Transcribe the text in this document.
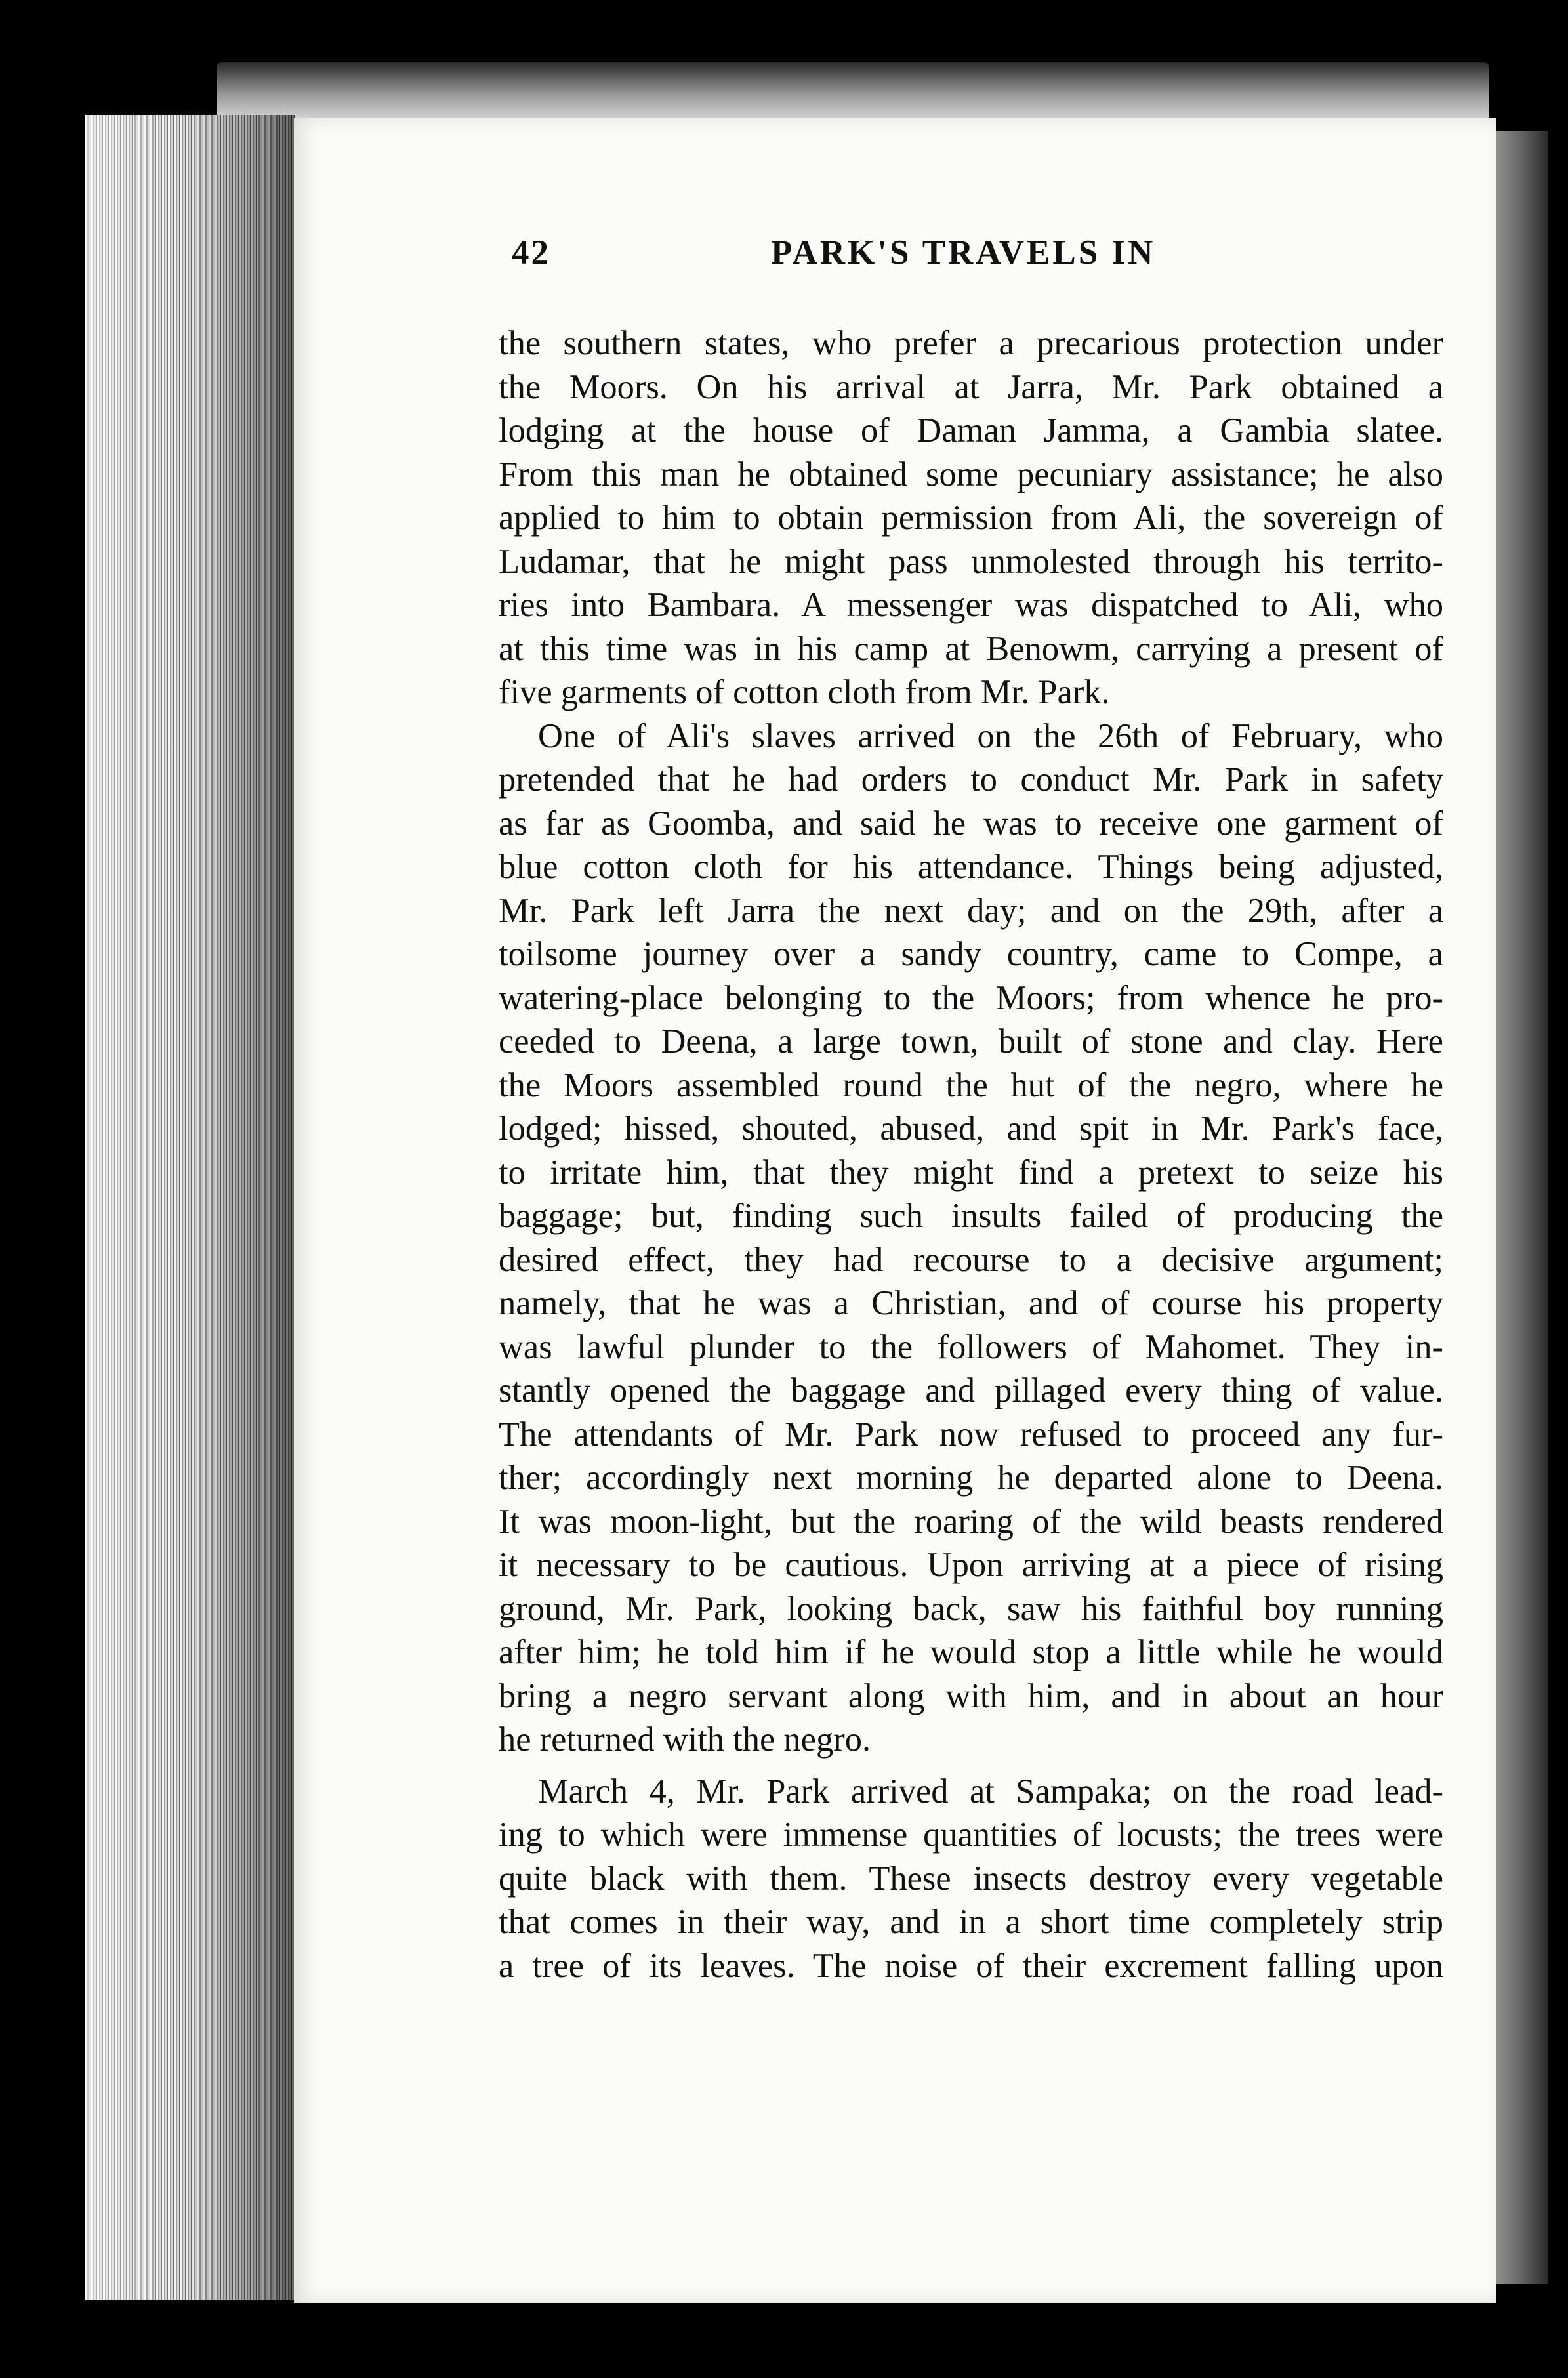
42	PARK'S TRAVELS IN
the southern states, who prefer a precarious protection under
the Moors. On his arrival at Jarra, Mr. Park obtained a
lodging at the house of Daman Jamma, a Gambia slatee.
From this man he obtained some pecuniary assistance; he also
applied to him to obtain permission from Ali, the sovereign of
Ludamar, that he might pass unmolested through his territo-
ries into Bambara. A messenger was dispatched to Ali, who
at this time was in his camp at Benowm, carrying a present of
five garments of cotton cloth from Mr. Park.
One of Ali's slaves arrived on the 26th of February, who
pretended that he had orders to conduct Mr. Park in safety
as far as Goomba, and said he was to receive one garment of
blue cotton cloth for his attendance. Things being adjusted,
Mr. Park left Jarra the next day; and on the 29th, after a
toilsome journey over a sandy country, came to Compe, a
watering-place belonging to the Moors; from whence he pro-
ceeded to Deena, a large town, built of stone and clay. Here
the Moors assembled round the hut of the negro, where he
lodged; hissed, shouted, abused, and spit in Mr. Park's face,
to irritate him, that they might find a pretext to seize his
baggage; but, finding such insults failed of producing the
desired effect, they had recourse to a decisive argument;
namely, that he was a Christian, and of course his property
was lawful plunder to the followers of Mahomet. They in-
stantly opened the baggage and pillaged every thing of value.
The attendants of Mr. Park now refused to proceed any fur-
ther; accordingly next morning he departed alone to Deena.
It was moon-light, but the roaring of the wild beasts rendered
it necessary to be cautious. Upon arriving at a piece of rising
ground, Mr. Park, looking back, saw his faithful boy running
after him; he told him if he would stop a little while he would
bring a negro servant along with him, and in about an hour
he returned with the negro.
March 4, Mr. Park arrived at Sampaka; on the road lead-
ing to which were immense quantities of locusts; the trees were
quite black with them. These insects destroy every vegetable
that comes in their way, and in a short time completely strip
a tree of its leaves. The noise of their excrement falling upon
